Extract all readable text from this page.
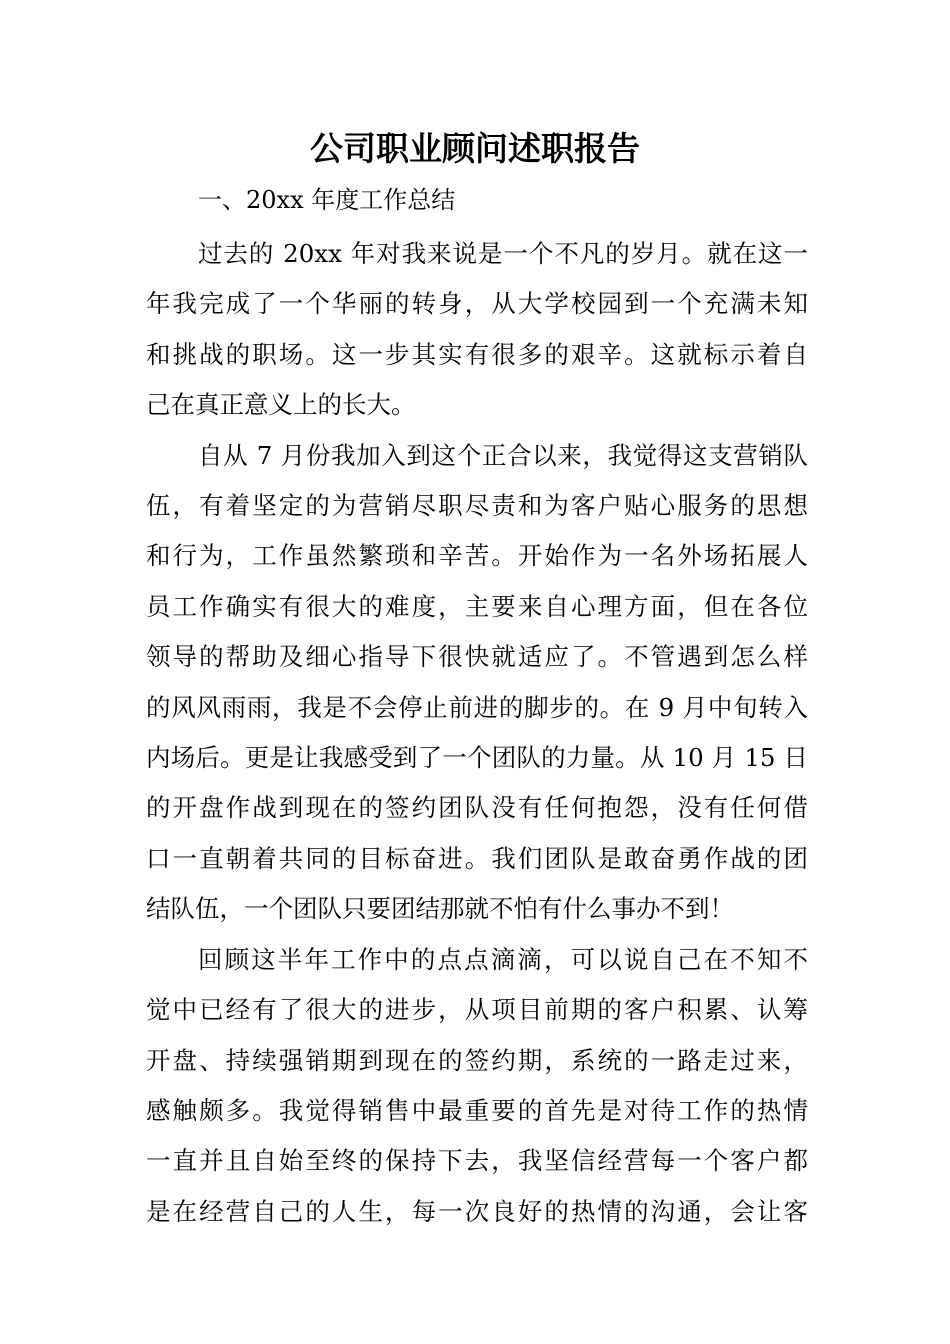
公司职业顾问述职报告

一、20xx 年度工作总结

过去的 20xx 年对我来说是一个不凡的岁月。就在这一
年我完成了一个华丽的转身，从大学校园到一个充满未知
和挑战的职场。这一步其实有很多的艰辛。这就标示着自
己在真正意义上的长大。

自从 7 月份我加入到这个正合以来，我觉得这支营销队
伍，有着坚定的为营销尽职尽责和为客户贴心服务的思想
和行为，工作虽然繁琐和辛苦。开始作为一名外场拓展人
员工作确实有很大的难度，主要来自心理方面，但在各位
领导的帮助及细心指导下很快就适应了。不管遇到怎么样
的风风雨雨，我是不会停止前进的脚步的。在 9 月中旬转入
内场后。更是让我感受到了一个团队的力量。从 10 月 15 日
的开盘作战到现在的签约团队没有任何抱怨，没有任何借
口一直朝着共同的目标奋进。我们团队是敢奋勇作战的团
结队伍，一个团队只要团结那就不怕有什么事办不到！

回顾这半年工作中的点点滴滴，可以说自己在不知不
觉中已经有了很大的进步，从项目前期的客户积累、认筹
开盘、持续强销期到现在的签约期，系统的一路走过来，
感触颇多。我觉得销售中最重要的首先是对待工作的热情
一直并且自始至终的保持下去，我坚信经营每一个客户都
是在经营自己的人生，每一次良好的热情的沟通，会让客
